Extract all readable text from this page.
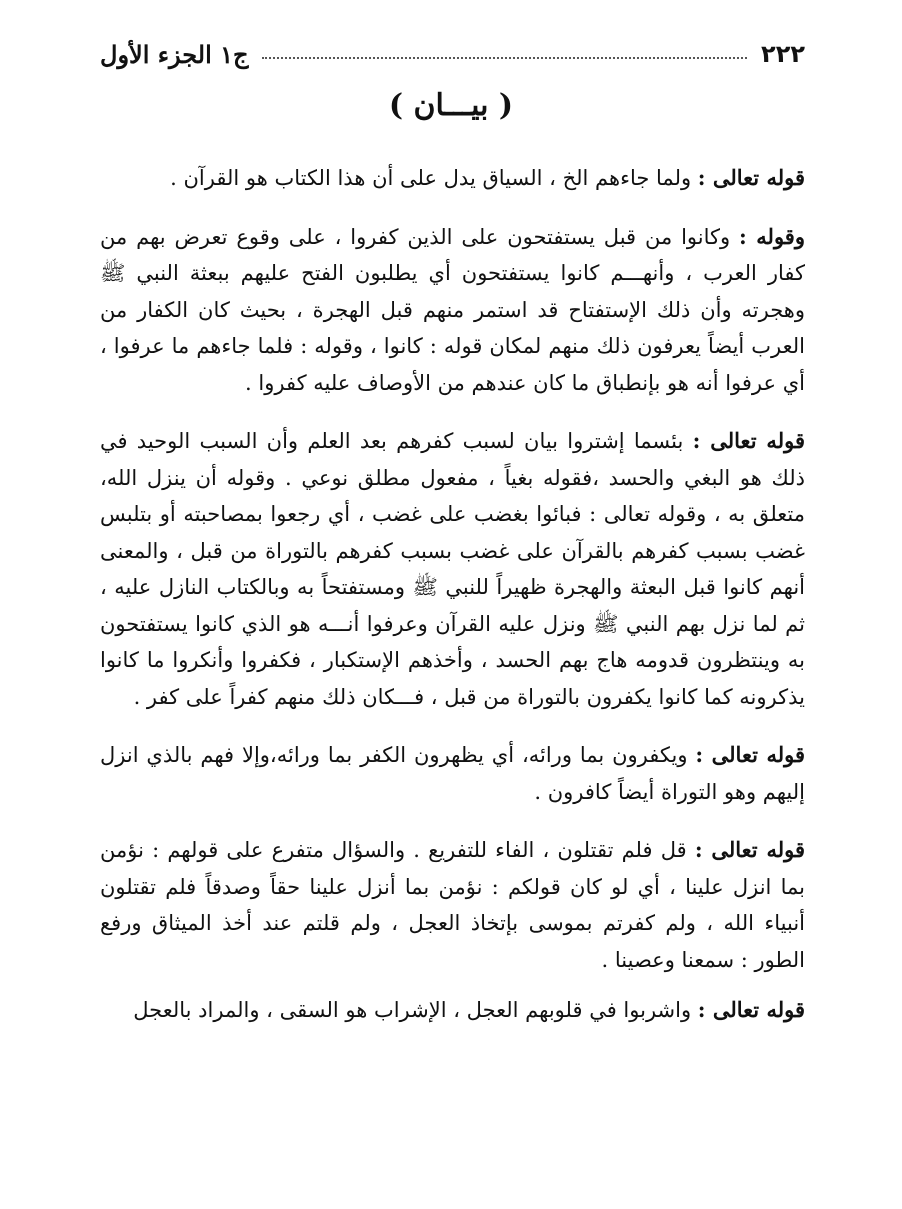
٢٢٢
ج١ الجزء الأول
( بيـــان )

قوله تعالى : ولما جاءهم الخ ، السياق يدل على أن هذا الكتاب هو القرآن .

وقوله : وكانوا من قبل يستفتحون على الذين كفروا ، على وقوع تعرض بهم من كفار العرب ، وأنهـــم كانوا يستفتحون أي يطلبون الفتح عليهم ببعثة النبي ﷺ وهجرته وأن ذلك الإستفتاح قد استمر منهم قبل الهجرة ، بحيث كان الكفار من العرب أيضاً يعرفون ذلك منهم لمكان قوله : كانوا ، وقوله : فلما جاءهم ما عرفوا ، أي عرفوا أنه هو بإنطباق ما كان عندهم من الأوصاف عليه كفروا .

قوله تعالى : بئسما إشتروا بيان لسبب كفرهم بعد العلم وأن السبب الوحيد في ذلك هو البغي والحسد ،فقوله بغياً ، مفعول مطلق نوعي . وقوله أن ينزل الله، متعلق به ، وقوله تعالى : فبائوا بغضب على غضب ، أي رجعوا بمصاحبته أو بتلبس غضب بسبب كفرهم بالقرآن على غضب بسبب كفرهم بالتوراة من قبل ، والمعنى أنهم كانوا قبل البعثة والهجرة ظهيراً للنبي ﷺ ومستفتحاً به وبالكتاب النازل عليه ، ثم لما نزل بهم النبي ﷺ ونزل عليه القرآن وعرفوا أنـــه هو الذي كانوا يستفتحون به وينتظرون قدومه هاج بهم الحسد ، وأخذهم الإستكبار ، فكفروا وأنكروا ما كانوا يذكرونه كما كانوا يكفرون بالتوراة من قبل ، فـــكان ذلك منهم كفراً على كفر .

قوله تعالى : ويكفرون بما ورائه، أي يظهرون الكفر بما ورائه،وإلا فهم بالذي انزل إليهم وهو التوراة أيضاً كافرون .

قوله تعالى : قل فلم تقتلون ، الفاء للتفريع . والسؤال متفرع على قولهم : نؤمن بما انزل علينا ، أي لو كان قولكم : نؤمن بما أنزل علينا حقاً وصدقاً فلم تقتلون أنبياء الله ، ولم كفرتم بموسى بإتخاذ العجل ، ولم قلتم عند أخذ الميثاق ورفع الطور : سمعنا وعصينا .

قوله تعالى : واشربوا في قلوبهم العجل ، الإشراب هو السقى ، والمراد بالعجل
